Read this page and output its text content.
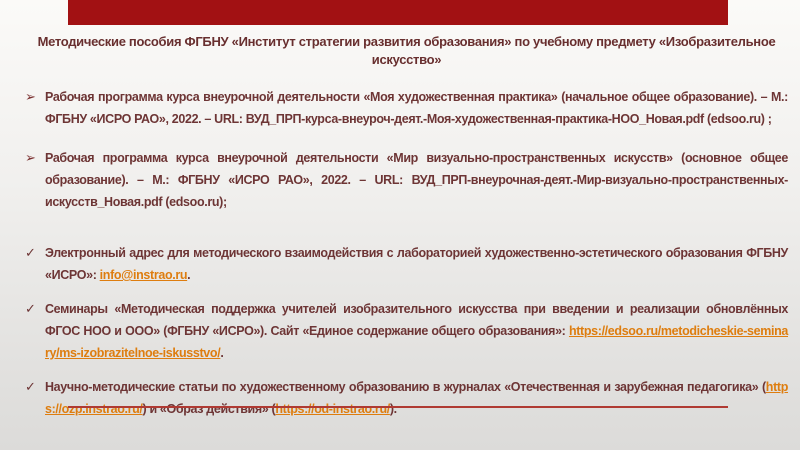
Методические пособия ФГБНУ «Институт стратегии развития образования» по учебному предмету «Изобразительное искусство»
➢ Рабочая программа курса внеурочной деятельности «Моя художественная практика» (начальное общее образование). – М.: ФГБНУ «ИСРО РАО», 2022. – URL: ВУД_ПРП-курса-внеуроч-деят.-Моя-художественная-практика-НОО_Новая.pdf (edsoo.ru) ;
➢ Рабочая программа курса внеурочной деятельности «Мир визуально-пространственных искусств» (основное общее образование). – М.: ФГБНУ «ИСРО РАО», 2022. – URL: ВУД_ПРП-внеурочная-деят.-Мир-визуально-пространственных-искусств_Новая.pdf (edsoo.ru);
✓ Электронный адрес для методического взаимодействия с лабораторией художественно-эстетического образования ФГБНУ «ИСРО»: info@instrao.ru.
✓ Семинары «Методическая поддержка учителей изобразительного искусства при введении и реализации обновлённых ФГОС НОО и ООО» (ФГБНУ «ИСРО»). Сайт «Единое содержание общего образования»: https://edsoo.ru/metodicheskie-seminary/ms-izobrazitelnoe-iskusstvo/.
✓ Научно-методические статьи по художественному образованию в журналах «Отечественная и зарубежная педагогика» (https://ozp.instrao.ru/) и «Образ действия» (https://od-instrao.ru/).
